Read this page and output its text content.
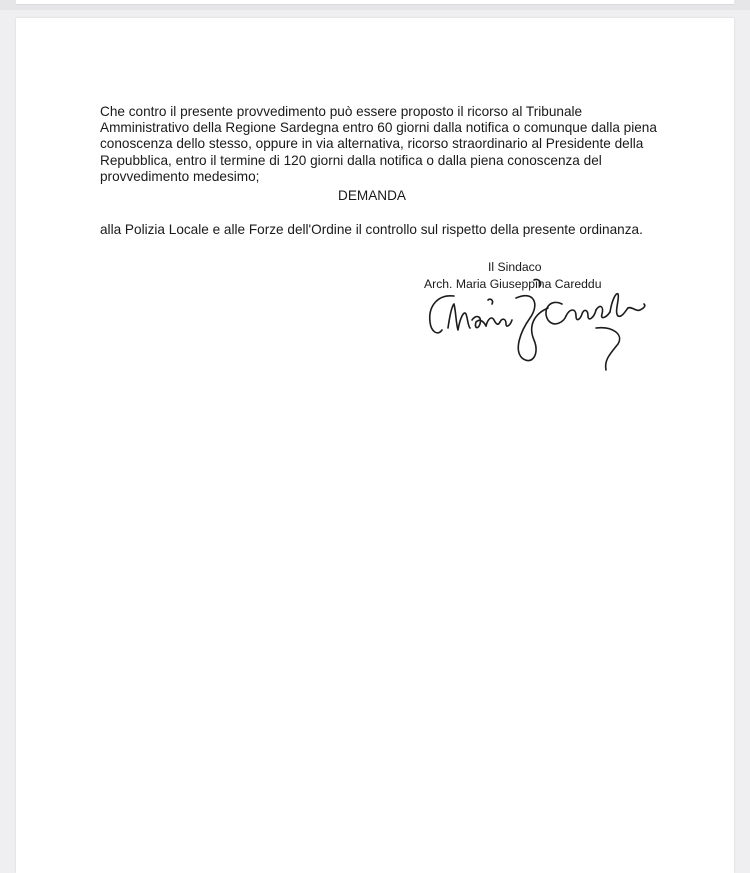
Che contro il presente provvedimento può essere proposto il ricorso al Tribunale Amministrativo della Regione Sardegna entro 60 giorni dalla notifica o comunque dalla piena conoscenza dello stesso, oppure in via alternativa, ricorso straordinario al Presidente della Repubblica, entro il termine di 120 giorni dalla notifica o dalla piena conoscenza del provvedimento medesimo;

DEMANDA

alla Polizia Locale e alle Forze dell'Ordine il controllo sul rispetto della presente ordinanza.

Il Sindaco
Arch. Maria Giuseppina Careddu
